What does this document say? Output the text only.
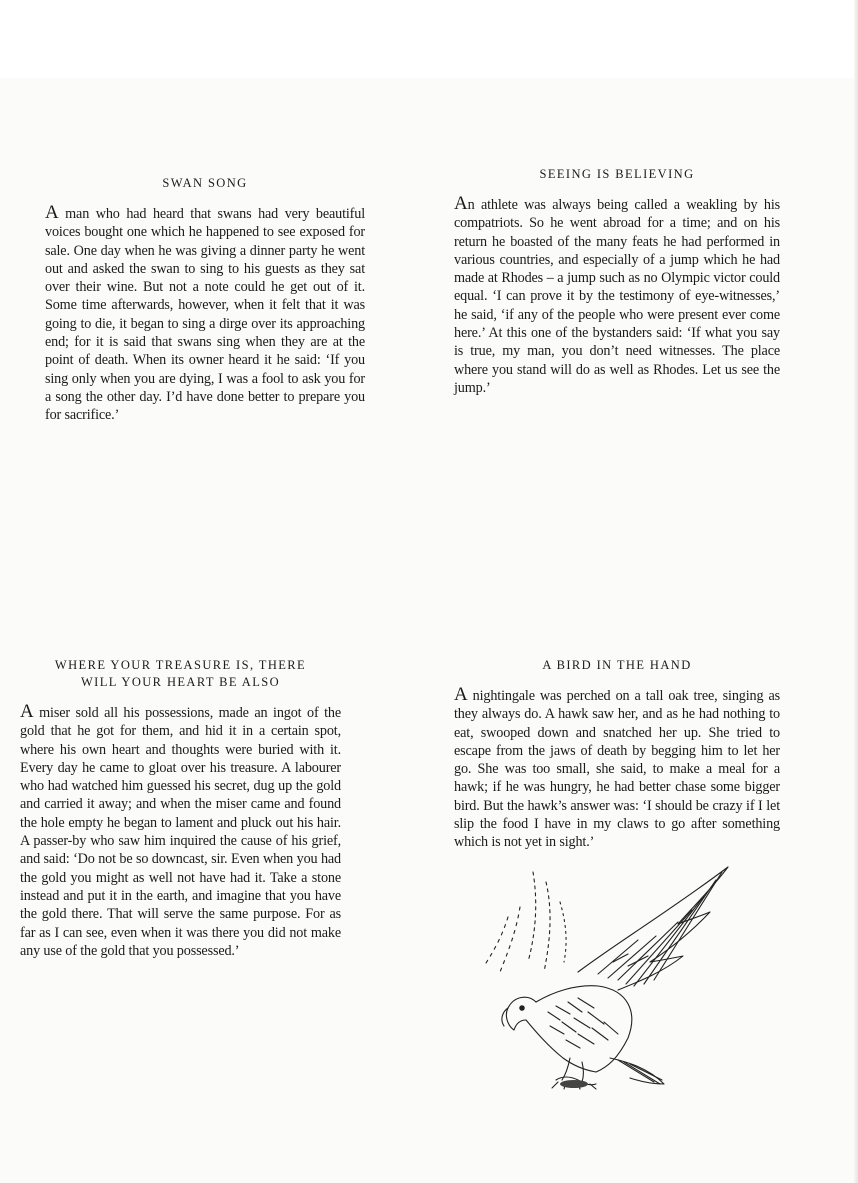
SWAN SONG

A man who had heard that swans had very beautiful voices bought one which he happened to see exposed for sale. One day when he was giving a dinner party he went out and asked the swan to sing to his guests as they sat over their wine. But not a note could he get out of it. Some time afterwards, however, when it felt that it was going to die, it began to sing a dirge over its approaching end; for it is said that swans sing when they are at the point of death. When its owner heard it he said: ‘If you sing only when you are dying, I was a fool to ask you for a song the other day. I’d have done better to prepare you for sacrifice.’

SEEING IS BELIEVING

An athlete was always being called a weakling by his compatriots. So he went abroad for a time; and on his return he boasted of the many feats he had performed in various countries, and especially of a jump which he had made at Rhodes – a jump such as no Olympic victor could equal. ‘I can prove it by the testimony of eye-witnesses,’ he said, ‘if any of the people who were present ever come here.’ At this one of the bystanders said: ‘If what you say is true, my man, you don’t need witnesses. The place where you stand will do as well as Rhodes. Let us see the jump.’

WHERE YOUR TREASURE IS, THERE
WILL YOUR HEART BE ALSO

A miser sold all his possessions, made an ingot of the gold that he got for them, and hid it in a certain spot, where his own heart and thoughts were buried with it. Every day he came to gloat over his treasure. A labourer who had watched him guessed his secret, dug up the gold and carried it away; and when the miser came and found the hole empty he began to lament and pluck out his hair. A passer-by who saw him inquired the cause of his grief, and said: ‘Do not be so downcast, sir. Even when you had the gold you might as well not have had it. Take a stone instead and put it in the earth, and imagine that you have the gold there. That will serve the same purpose. For as far as I can see, even when it was there you did not make any use of the gold that you possessed.’

A BIRD IN THE HAND

A nightingale was perched on a tall oak tree, singing as they always do. A hawk saw her, and as he had nothing to eat, swooped down and snatched her up. She tried to escape from the jaws of death by begging him to let her go. She was too small, she said, to make a meal for a hawk; if he was hungry, he had better chase some bigger bird. But the hawk’s answer was: ‘I should be crazy if I let slip the food I have in my claws to go after something which is not yet in sight.’
